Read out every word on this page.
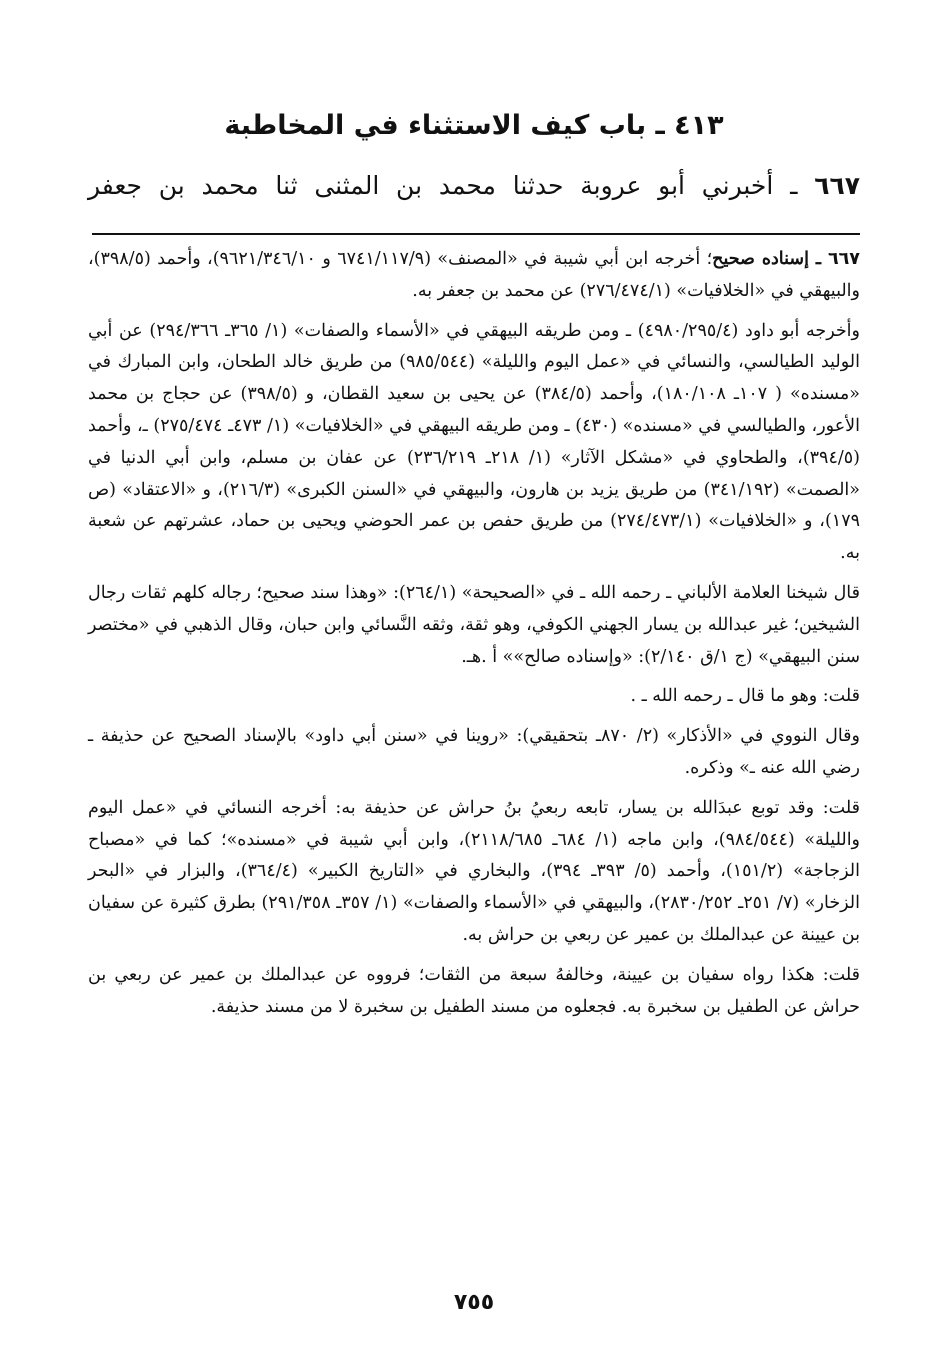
٤١٣ ـ باب كيف الاستثناء في المخاطبة

٦٦٧ ـ أخبرني أبو عروبة حدثنا محمد بن المثنى ثنا محمد بن جعفر

٦٦٧ ـ إسناده صحيح؛ أخرجه ابن أبي شيبة في «المصنف» (٦٧٤١/١١٧/٩ و ٩٦٢١/٣٤٦/١٠)، وأحمد (٣٩٨/٥)، والبيهقي في «الخلافيات» (٢٧٦/٤٧٤/١) عن محمد بن جعفر به.

وأخرجه أبو داود (٤٩٨٠/٢٩٥/٤) ـ ومن طريقه البيهقي في «الأسماء والصفات» (١/ ٣٦٥ـ ٢٩٤/٣٦٦) عن أبي الوليد الطيالسي، والنسائي في «عمل اليوم والليلة» (٩٨٥/٥٤٤) من طريق خالد الطحان، وابن المبارك في «مسنده» ( ١٠٧ـ ١٨٠/١٠٨)، وأحمد (٣٨٤/٥) عن يحيى بن سعيد القطان، و (٣٩٨/٥) عن حجاج بن محمد الأعور، والطيالسي في «مسنده» (٤٣٠) ـ ومن طريقه البيهقي في «الخلافيات» (١/ ٤٧٣ـ ٢٧٥/٤٧٤) ـ، وأحمد (٣٩٤/٥)، والطحاوي في «مشكل الآثار» (١/ ٢١٨ـ ٢٣٦/٢١٩) عن عفان بن مسلم، وابن أبي الدنيا في «الصمت» (٣٤١/١٩٢) من طريق يزيد بن هارون، والبيهقي في «السنن الكبرى» (٢١٦/٣)، و «الاعتقاد» (ص ١٧٩)، و «الخلافيات» (٢٧٤/٤٧٣/١) من طريق حفص بن عمر الحوضي ويحيى بن حماد، عشرتهم عن شعبة به.

قال شيخنا العلامة الألباني ـ رحمه الله ـ في «الصحيحة» (٢٦٤/١): «وهذا سند صحيح؛ رجاله كلهم ثقات رجال الشيخين؛ غير عبدالله بن يسار الجهني الكوفي، وهو ثقة، وثقه النَّسائي وابن حبان، وقال الذهبي في «مختصر سنن البيهقي» (ج ١/ق ٢/١٤٠): «وإسناده صالح»» أ .هـ.

قلت: وهو ما قال ـ رحمه الله ـ .

وقال النووي في «الأذكار» (٢/ ٨٧٠ـ بتحقيقي): «روينا في «سنن أبي داود» بالإسناد الصحيح عن حذيفة ـ رضي الله عنه ـ» وذكره.

قلت: وقد توبع عبدَالله بن يسار، تابعه ربعيُ بنُ حراش عن حذيفة به: أخرجه النسائي في «عمل اليوم والليلة» (٩٨٤/٥٤٤)، وابن ماجه (١/ ٦٨٤ـ ٢١١٨/٦٨٥)، وابن أبي شيبة في «مسنده»؛ كما في «مصباح الزجاجة» (١٥١/٢)، وأحمد (٥/ ٣٩٣ـ ٣٩٤)، والبخاري في «التاريخ الكبير» (٣٦٤/٤)، والبزار في «البحر الزخار» (٧/ ٢٥١ـ ٢٨٣٠/٢٥٢)، والبيهقي في «الأسماء والصفات» (١/ ٣٥٧ـ ٢٩١/٣٥٨) بطرق كثيرة عن سفيان بن عيينة عن عبدالملك بن عمير عن ربعي بن حراش به.

قلت: هكذا رواه سفيان بن عيينة، وخالفهُ سبعة من الثقات؛ فرووه عن عبدالملك بن عمير عن ربعي بن حراش عن الطفيل بن سخبرة به. فجعلوه من مسند الطفيل بن سخبرة لا من مسند حذيفة.

٧٥٥
